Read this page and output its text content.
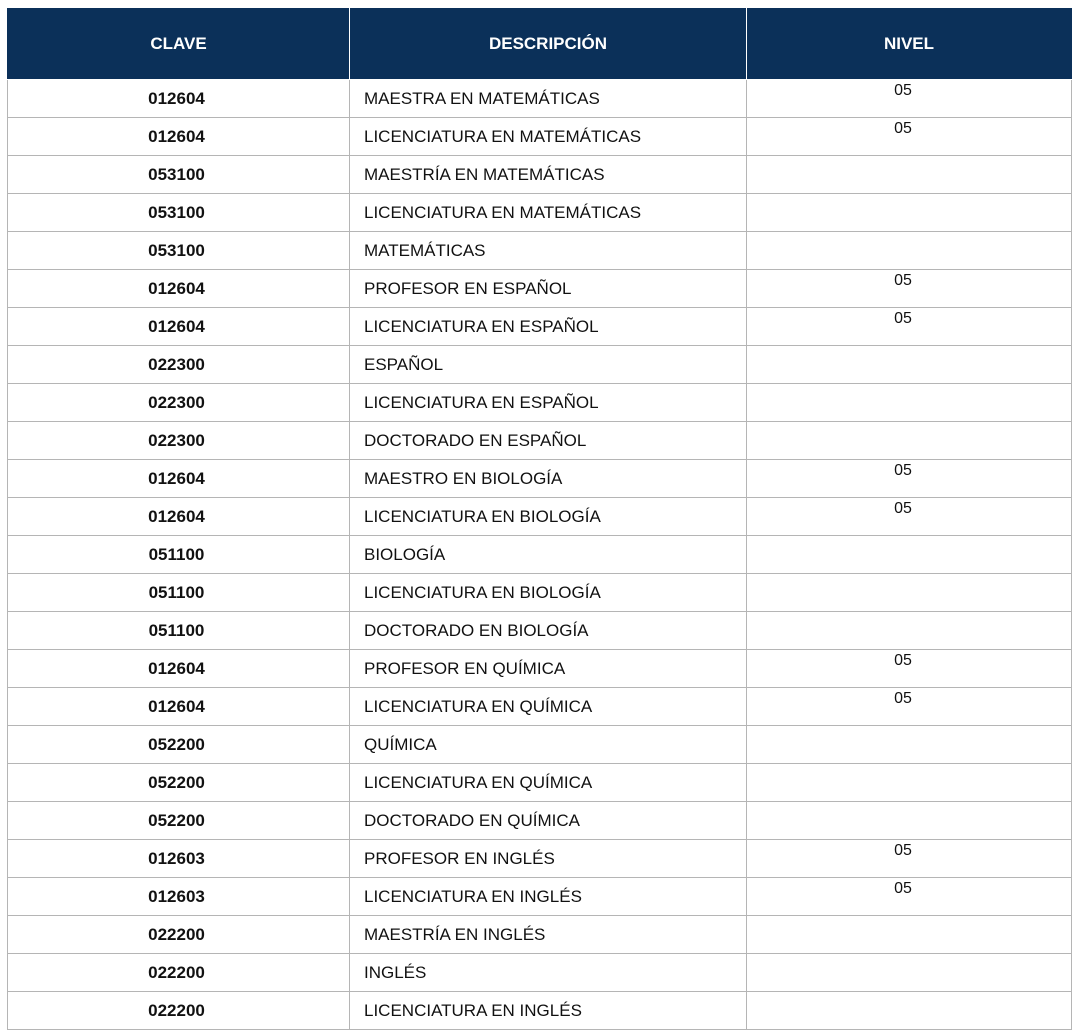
CLAVE	DESCRIPCIÓN	NIVEL
012604	MAESTRA EN MATEMÁTICAS	05
012604	LICENCIATURA EN MATEMÁTICAS	05
053100	MAESTRÍA EN MATEMÁTICAS	
053100	LICENCIATURA EN MATEMÁTICAS	
053100	MATEMÁTICAS	
012604	PROFESOR EN ESPAÑOL	05
012604	LICENCIATURA EN ESPAÑOL	05
022300	ESPAÑOL	
022300	LICENCIATURA EN ESPAÑOL	
022300	DOCTORADO EN ESPAÑOL	
012604	MAESTRO EN BIOLOGÍA	05
012604	LICENCIATURA EN BIOLOGÍA	05
051100	BIOLOGÍA	
051100	LICENCIATURA EN BIOLOGÍA	
051100	DOCTORADO EN BIOLOGÍA	
012604	PROFESOR EN QUÍMICA	05
012604	LICENCIATURA EN QUÍMICA	05
052200	QUÍMICA	
052200	LICENCIATURA EN QUÍMICA	
052200	DOCTORADO EN QUÍMICA	
012603	PROFESOR EN INGLÉS	05
012603	LICENCIATURA EN INGLÉS	05
022200	MAESTRÍA EN INGLÉS	
022200	INGLÉS	
022200	LICENCIATURA EN INGLÉS	
